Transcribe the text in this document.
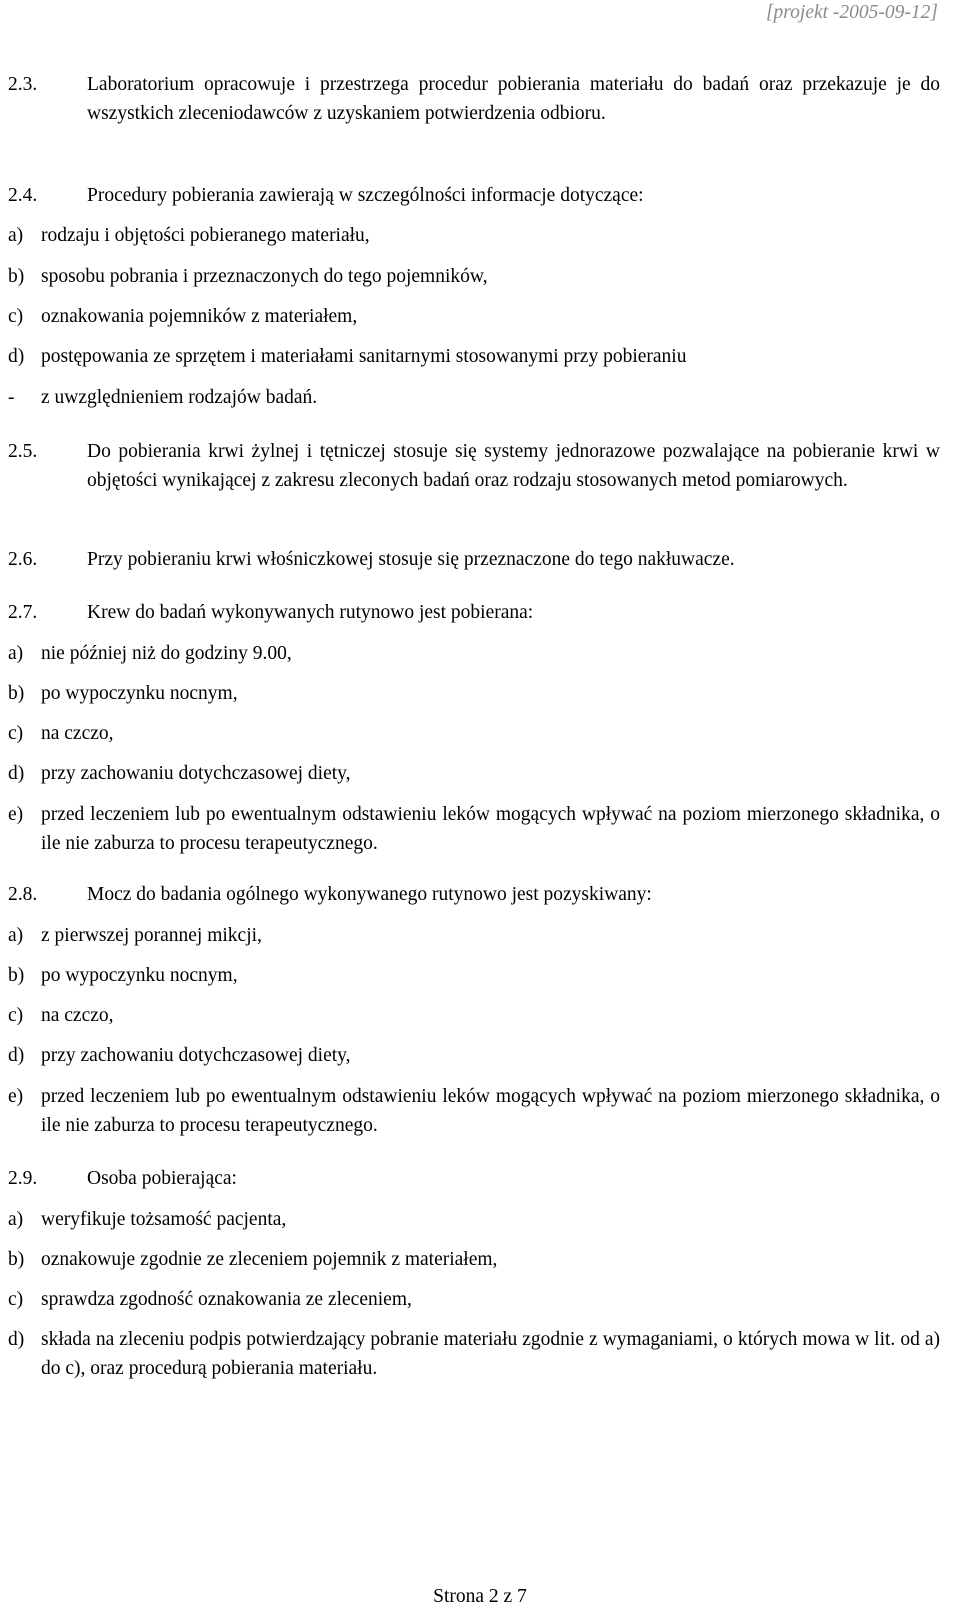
[projekt -2005-09-12]
2.3.	Laboratorium opracowuje i przestrzega procedur pobierania materiału do badań oraz przekazuje je do wszystkich zleceniodawców z uzyskaniem potwierdzenia odbioru.
2.4.	Procedury pobierania zawierają w szczególności informacje dotyczące:
a) rodzaju i objętości pobieranego materiału,
b) sposobu pobrania i przeznaczonych do tego pojemników,
c) oznakowania pojemników z materiałem,
d) postępowania ze sprzętem i materiałami sanitarnymi stosowanymi przy pobieraniu
- z uwzględnieniem rodzajów badań.
2.5.	Do pobierania krwi żylnej i tętniczej stosuje się systemy jednorazowe pozwalające na pobieranie krwi w objętości wynikającej z zakresu zleconych badań oraz rodzaju stosowanych metod pomiarowych.
2.6.	Przy pobieraniu krwi włośniczkowej stosuje się przeznaczone do tego nakłuwacze.
2.7.	Krew do badań wykonywanych rutynowo jest pobierana:
a) nie później niż do godziny 9.00,
b) po wypoczynku nocnym,
c) na czczo,
d) przy zachowaniu dotychczasowej diety,
e) przed leczeniem lub po ewentualnym odstawieniu leków mogących wpływać na poziom mierzonego składnika, o ile nie zaburza to procesu terapeutycznego.
2.8.	Mocz do badania ogólnego wykonywanego rutynowo jest pozyskiwany:
a) z pierwszej porannej mikcji,
b) po wypoczynku nocnym,
c) na czczo,
d) przy zachowaniu dotychczasowej diety,
e) przed leczeniem lub po ewentualnym odstawieniu leków mogących wpływać na poziom mierzonego składnika, o ile nie zaburza to procesu terapeutycznego.
2.9.	Osoba pobierająca:
a) weryfikuje tożsamość pacjenta,
b) oznakowuje zgodnie ze zleceniem pojemnik z materiałem,
c) sprawdza zgodność oznakowania ze zleceniem,
d) składa na zleceniu podpis potwierdzający pobranie materiału zgodnie z wymaganiami, o których mowa w lit. od a) do c), oraz procedurą pobierania materiału.
Strona 2 z 7
